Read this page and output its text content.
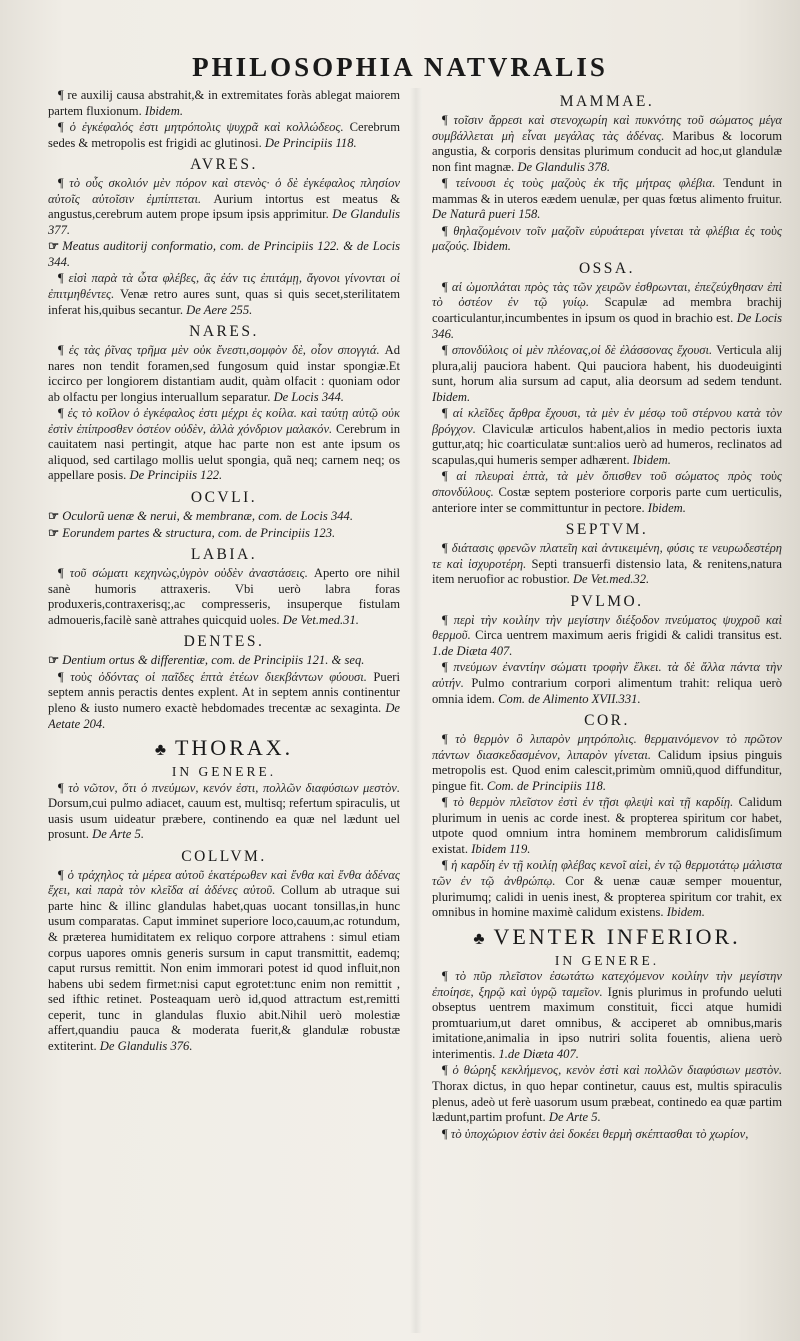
PHILOSOPHIA NATVRALIS

¶ re auxilij causa abstrahit,& in extremitates foràs ablegat maiorem partem fluxionum. Ibidem.

¶ ὁ ἐγκέφαλός ἐστι μητρόπολις ψυχρᾶ καὶ κολλώδεος. Cerebrum sedes & metropolis est frigidi ac glutinosi. De Principiis 118.

AVRES.

¶ τὸ οὖς σκολιόν μὲν πόρον καὶ στενὸς· ὁ δὲ ἐγκέφαλος πλησίον αὐτοῖς αὐτοῖσιν ἐμπίπτεται. Aurium intortus est meatus & angustus,cerebrum autem prope ipsum ipsis apprimitur. De Glandulis 377.

☞ Meatus auditorij conformatio, com. de Principiis 122. & de Locis 344.

¶ εἰσὶ παρὰ τὰ ὦτα φλέβες, ἃς ἐάν τις ἐπιτάμῃ, ἄγονοι γίνονται οἱ ἐπιτμηθέντες. Venæ retro aures sunt, quas si quis secet,sterilitatem inferat his,quibus secantur. De Aere 255.

NARES.

¶ ἐς τὰς ῥῖνας τρῆμα μὲν οὐκ ἔνεστι,σομφὸν δὲ, οἷον σπογγιά. Ad nares non tendit foramen,sed fungosum quid instar spongiæ.Et iccirco per longiorem distantiam audit, quàm olfacit : quoniam odor ab olfactu per longius interuallum separatur. De Locis 344.

¶ ἐς τὸ κοῖλον ὁ ἐγκέφαλος ἐστι μέχρι ἐς κοίλα. καὶ ταύτῃ αὐτῷ οὐκ ἐστὶν ἐπίπροσθεν ὀστέον οὐδὲν, ἀλλὰ χόνδριον μαλακόν. Cerebrum in cauitatem nasi pertingit, atque hac parte non est ante ipsum os aliquod, sed cartilago mollis uelut spongia, quã neq; carnem neq; os appellare posis. De Principiis 122.

OCVLI.

☞ Oculorũ uenæ & nerui, & membranæ, com. de Locis 344.

☞ Eorundem partes & structura, com. de Principiis 123.

LABIA.

¶ τοῦ σώματι κεχηνὼς,ὑγρὸν οὐδὲν ἀναστάσεις. Aperto ore nihil sanè humoris attraxeris. Vbi uerò labra foras produxeris,contraxerisq;,ac compresseris, insuperque fistulam admoueris,facilè sanè attrahes quicquid uoles. De Vet.med.31.

DENTES.

☞ Dentium ortus & differentiæ, com. de Principiis 121. & seq.

¶ τοὺς ὀδόντας οἱ παῖδες ἑπτὰ ἐτέων διεκβάντων φύουσι. Pueri septem annis peractis dentes explent. At in septem annis continentur pleno & iusto numero exactè hebdomades trecentæ ac sexaginta. De Aetate 204.

♣ THORAX.
IN GENERE.

¶ τὸ νῶτον, ὅτι ὁ πνεύμων, κενόν ἐστι, πολλῶν διαφύσιων μεστὸν. Dorsum,cui pulmo adiacet, cauum est, multisq; refertum spiraculis, ut uasis usum uideatur præbere, continendo ea quæ nel lædunt uel prosunt. De Arte 5.

COLLVM.

¶ ὁ τράχηλος τὰ μέρεα αὐτοῦ ἑκατέρωθεν καὶ ἔνθα καὶ ἔνθα ἀδένας ἔχει, καὶ παρὰ τὸν κλεῖδα αἱ ἀδένες αὐτοῦ. Collum ab utraque sui parte hinc & illinc glandulas habet,quas uocant tonsillas,in hunc usum comparatas. Caput imminet superiore loco,cauum,ac rotundum, & præterea humiditatem ex reliquo corpore attrahens : simul etiam corpus uapores omnis generis sursum in caput transmittit, eademq; caput rursus remittit. Non enim immorari potest id quod influit,non habens ubi sedem firmet:nisi caput egrotet:tunc enim non remittit , sed ifthic retinet. Posteaquam uerò id,quod attractum est,remitti ceperit, tunc in glandulas fluxio abit.Nihil uerò molestiæ affert,quandiu pauca & moderata fuerit,& glandulæ robustæ extiterint. De Glandulis 376.

MAMMAE.

¶ τοῖσιν ἄρρεσι καὶ στενοχωρίη καὶ πυκνότης τοῦ σώματος μέγα συμβάλλεται μὴ εἶναι μεγάλας τὰς ἀδένας. Maribus & locorum angustia, & corporis densitas plurimum conducit ad hoc,ut glandulæ non fint magnæ. De Glandulis 378.

¶ τείνουσι ἐς τοὺς μαζοὺς ἐκ τῆς μήτρας φλέβια. Tendunt in mammas & in uteros eædem uenulæ, per quas fœtus alimento fruitur. De Naturâ pueri 158.

¶ θηλαζομένοιν τοῖν μαζοῖν εὐρυάτεραι γίνεται τὰ φλέβια ἐς τοὺς μαζούς. Ibidem.

OSSA.

¶ αἱ ὠμοπλάται πρὸς τὰς τῶν χειρῶν ἐσθρωνται, ἐπεζεύχθησαν ἐπὶ τὸ ὀστέον ἐν τῷ γυίῳ. Scapulæ ad membra brachij coarticulantur,incumbentes in ipsum os quod in brachio est. De Locis 346.

¶ σπονδύλοις οἱ μὲν πλέονας,οἱ δὲ ἐλάσσονας ἔχουσι. Verticula alij plura,alij pauciora habent. Qui pauciora habent, his duodeuiginti sunt, horum alia sursum ad caput, alia deorsum ad sedem tendunt. Ibidem.

¶ αἱ κλεῖδες ἄρθρα ἔχουσι, τὰ μὲν ἐν μέσῳ τοῦ στέρνου κατὰ τὸν βρόγχον. Claviculæ articulos habent,alios in medio pectoris iuxta guttur,atq; hic coarticulatæ sunt:alios uerò ad humeros, reclinatos ad scapulas,qui humeris semper adhærent. Ibidem.

¶ αἱ πλευραὶ ἑπτὰ, τὰ μὲν ὄπισθεν τοῦ σώματος πρὸς τοὺς σπονδύλους. Costæ septem posteriore corporis parte cum uerticulis, anteriore inter se committuntur in pectore. Ibidem.

SEPTVM.

¶ διάτασις φρενῶν πλατεῖη καὶ ἀντικειμένη, φύσις τε νευρωδεστέρη τε καὶ ἰσχυροτέρη. Septi transuerfi distensio lata, & renitens,natura item neruofior ac robustior. De Vet.med.32.

PVLMO.

¶ περὶ τὴν κοιλίην τὴν μεγίστην διέξοδον πνεύματος ψυχροῦ καὶ θερμοῦ. Circa uentrem maximum aeris frigidi & calidi transitus est. 1.de Diæta 407.

¶ πνεύμων ἐναντίην σώματι τροφὴν ἕλκει. τὰ δὲ ἄλλα πάντα τὴν αὐτήν. Pulmo contrarium corpori alimentum trahit: reliqua uerò omnia idem. Com. de Alimento XVII.331.

COR.

¶ τὸ θερμὸν ὃ λιπαρὸν μητρόπολις. θερμαινόμενον τὸ πρῶτον πάντων διασκεδασμένον, λιπαρὸν γίνεται. Calidum ipsius pinguis metropolis est. Quod enim calescit,primùm omniũ,quod diffunditur, pingue fit. Com. de Principiis 118.

¶ τὸ θερμὸν πλεῖστον ἐστὶ ἐν τῇσι φλεψὶ καὶ τῇ καρδίῃ. Calidum plurimum in uenis ac corde inest. & propterea spiritum cor habet, utpote quod omnium intra hominem membrorum calidisſimum existat. Ibidem 119.

¶ ἡ καρδίη ἐν τῇ κοιλίῃ φλέβας κενοῖ αἰεὶ, ἐν τῷ θερμοτάτῳ μάλιστα τῶν ἐν τῷ ἀνθρώπῳ. Cor & uenæ cauæ semper mouentur, plurimumq; calidi in uenis inest, & propterea spiritum cor trahit, ex omnibus in homine maximè calidum existens. Ibidem.

♣ VENTER INFERIOR.
IN GENERE.

¶ τὸ πῦρ πλεῖστον ἐσωτάτω κατεχόμενον κοιλίην τὴν μεγίστην ἐποίησε, ξηρῷ καὶ ὑγρῷ ταμεῖον. Ignis plurimus in profundo ueluti obseptus uentrem maximum constituit, ficci atque humidi promtuarium,ut daret omnibus, & acciperet ab omnibus,maris imitatione,animalia in ipso nutriri solita fouentis, aliena uerò interimentis. 1.de Diæta 407.

¶ ὁ θώρηξ κεκλήμενος, κενὸν ἐστὶ καὶ πολλῶν διαφύσιων μεστὸν. Thorax dictus, in quo hepar continetur, cauus est, multis spiraculis plenus, adeò ut ferè uasorum usum præbeat, continedo ea quæ partim lædunt,partim profunt. De Arte 5.

¶ τὸ ὑποχώριον ἐστὶν ἀεὶ δοκέει θερμὴ σκέπτασθαι τὸ χωρίον,
